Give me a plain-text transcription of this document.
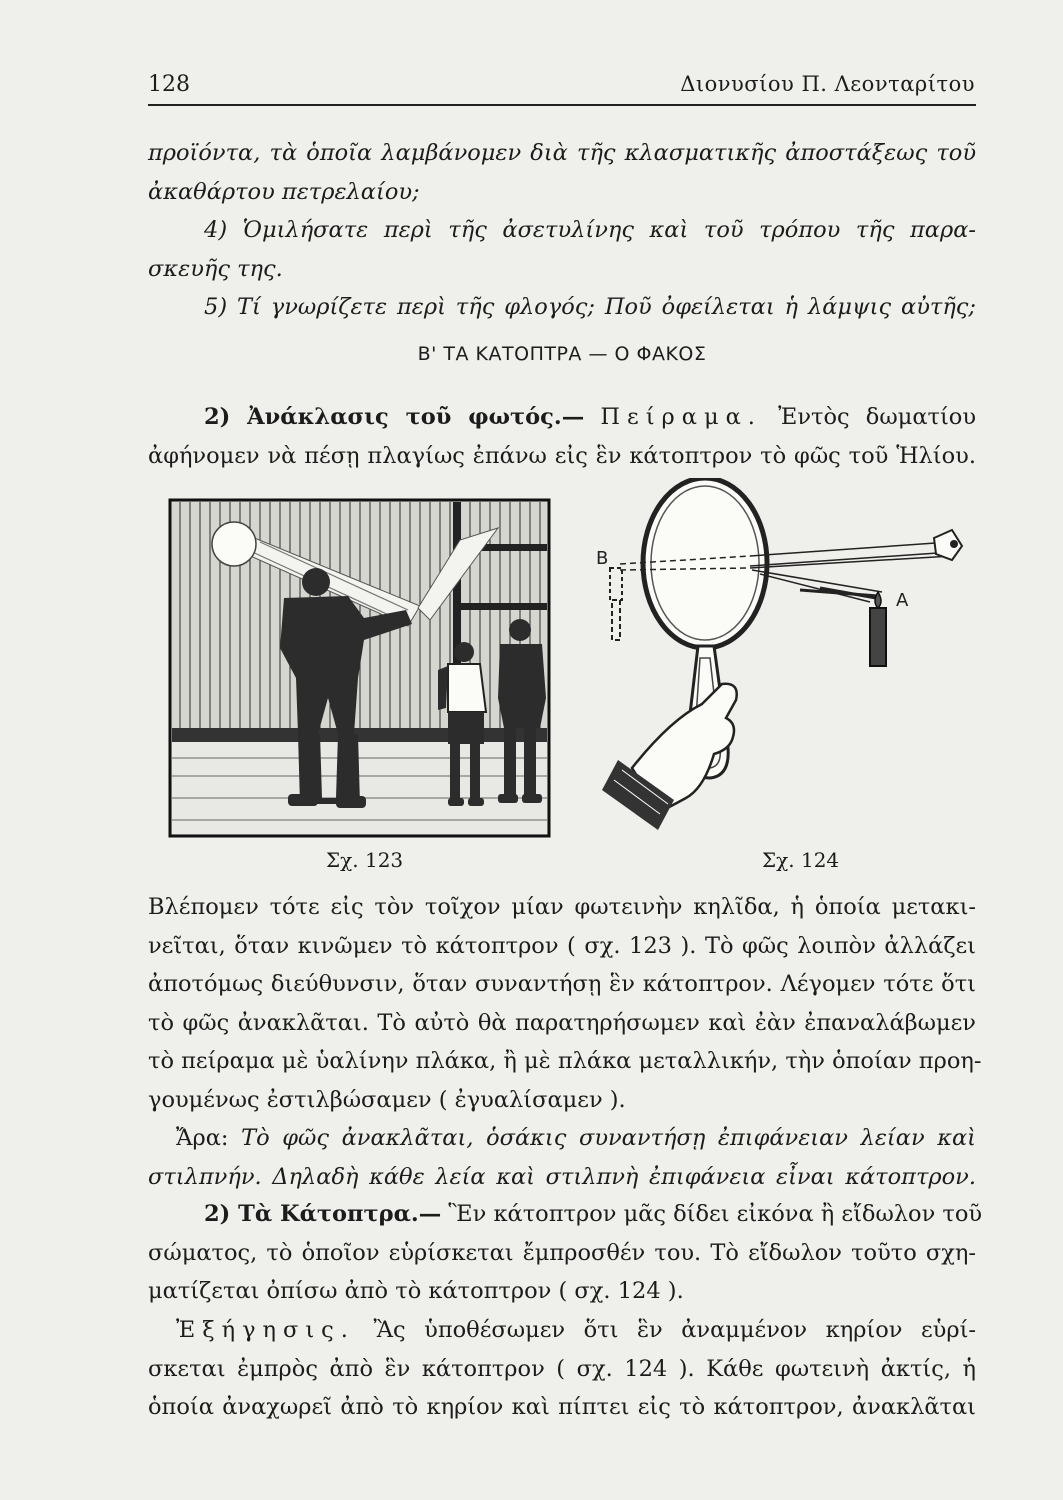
128	Διονυσίου Π. Λεονταρίτου
προϊόντα, τὰ ὁποῖα λαμβάνομεν διὰ τῆς κλασματικῆς ἀποστάξεως τοῦ
ἀκαθάρτου πετρελαίου;
4) Ὁμιλήσατε περὶ τῆς ἀσετυλίνης καὶ τοῦ τρόπου τῆς παρα-
σκευῆς της.
5) Τί γνωρίζετε περὶ τῆς φλογός; Ποῦ ὀφείλεται ἡ λάμψις αὐτῆς;
Β' ΤΑ ΚΑΤΟΠΤΡΑ — Ο ΦΑΚΟΣ
2) Ἀνάκλασις τοῦ φωτός.— Πείραμα. Ἐντὸς δωματίου
ἀφήνομεν νὰ πέσῃ πλαγίως ἐπάνω εἰς ἓν κάτοπτρον τὸ φῶς τοῦ Ἡλίου.
Β
Α
Σχ. 123	Σχ. 124
Βλέπομεν τότε εἰς τὸν τοῖχον μίαν φωτεινὴν κηλῖδα, ἡ ὁποία μετακι-
νεῖται, ὅταν κινῶμεν τὸ κάτοπτρον ( σχ. 123 ). Τὸ φῶς λοιπὸν ἀλλάζει
ἀποτόμως διεύθυνσιν, ὅταν συναντήσῃ ἓν κάτοπτρον. Λέγομεν τότε ὅτι
τὸ φῶς ἀνακλᾶται. Τὸ αὐτὸ θὰ παρατηρήσωμεν καὶ ἐὰν ἐπαναλάβωμεν
τὸ πείραμα μὲ ὑαλίνην πλάκα, ἢ μὲ πλάκα μεταλλικήν, τὴν ὁποίαν προη-
γουμένως ἐστιλβώσαμεν ( ἐγυαλίσαμεν ).
Ἄρα: Τὸ φῶς ἀνακλᾶται, ὁσάκις συναντήσῃ ἐπιφάνειαν λείαν καὶ
στιλπνήν. Δηλαδὴ κάθε λεία καὶ στιλπνὴ ἐπιφάνεια εἶναι κάτοπτρον.
2) Τὰ Κάτοπτρα.— Ἓν κάτοπτρον μᾶς δίδει εἰκόνα ἢ εἴδωλον τοῦ
σώματος, τὸ ὁποῖον εὑρίσκεται ἔμπροσθέν του. Τὸ εἴδωλον τοῦτο σχη-
ματίζεται ὀπίσω ἀπὸ τὸ κάτοπτρον ( σχ. 124 ).
Ἐξήγησις. Ἂς ὑποθέσωμεν ὅτι ἓν ἀναμμένον κηρίον εὑρί-
σκεται ἐμπρὸς ἀπὸ ἓν κάτοπτρον ( σχ. 124 ). Κάθε φωτεινὴ ἀκτίς, ἡ
ὁποία ἀναχωρεῖ ἀπὸ τὸ κηρίον καὶ πίπτει εἰς τὸ κάτοπτρον, ἀνακλᾶται
